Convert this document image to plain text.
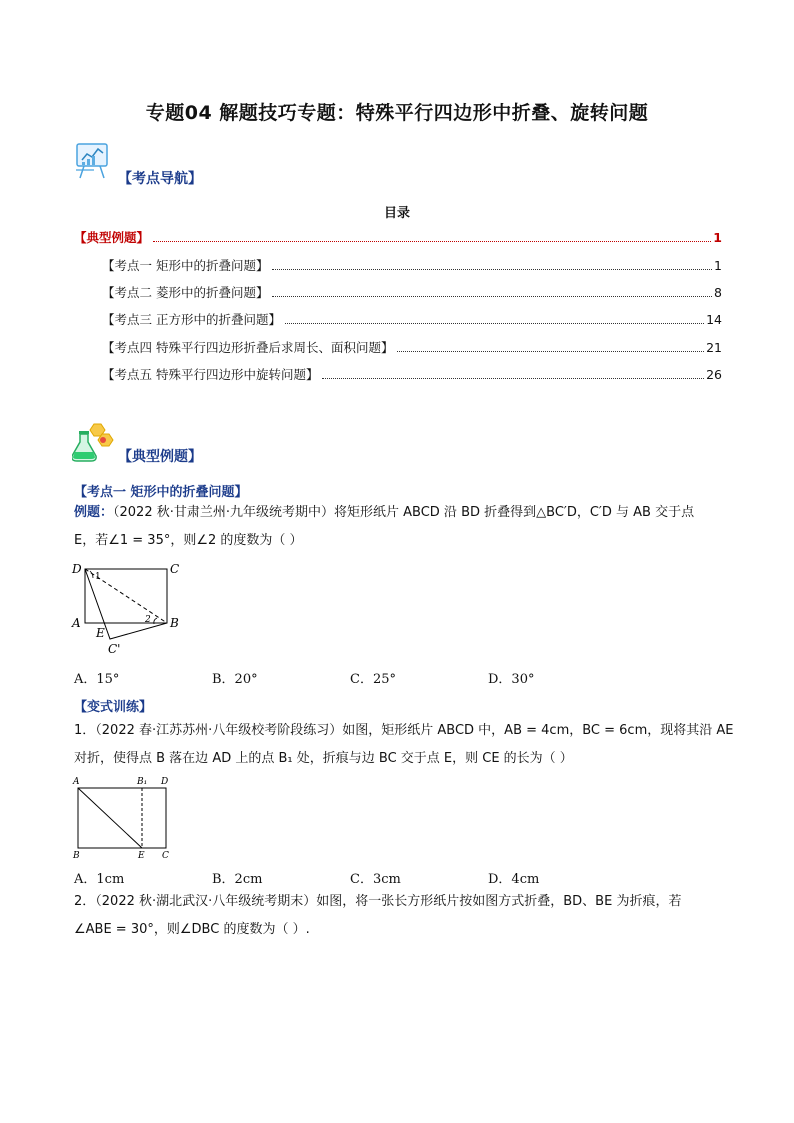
专题04 解题技巧专题：特殊平行四边形中折叠、旋转问题
【考点导航】
目录
【典型例题】	1
【考点一 矩形中的折叠问题】	1
【考点二 菱形中的折叠问题】	8
【考点三 正方形中的折叠问题】	14
【考点四 特殊平行四边形折叠后求周长、面积问题】	21
【考点五 特殊平行四边形中旋转问题】	26
【典型例题】
【考点一 矩形中的折叠问题】
例题：（2022 秋·甘肃兰州·九年级统考期中）将矩形纸片 ABCD 沿 BD 折叠得到△BC′D，C′D 与 AB 交于点
E，若∠1 = 35°，则∠2 的度数为（ ）
D	C
A	B
E
C'
1
2
A．15°	B．20°	C．25°	D．30°
【变式训练】
1．（2022 春·江苏苏州·八年级校考阶段练习）如图，矩形纸片 ABCD 中，AB = 4cm，BC = 6cm，现将其沿 AE
对折，使得点 B 落在边 AD 上的点 B₁ 处，折痕与边 BC 交于点 E，则 CE 的长为（ ）
A	B₁ D
B	E C
A．1cm	B．2cm	C．3cm	D．4cm
2．（2022 秋·湖北武汉·八年级统考期末）如图，将一张长方形纸片按如图方式折叠，BD、BE 为折痕，若
∠ABE = 30°，则∠DBC 的度数为（ ）.
